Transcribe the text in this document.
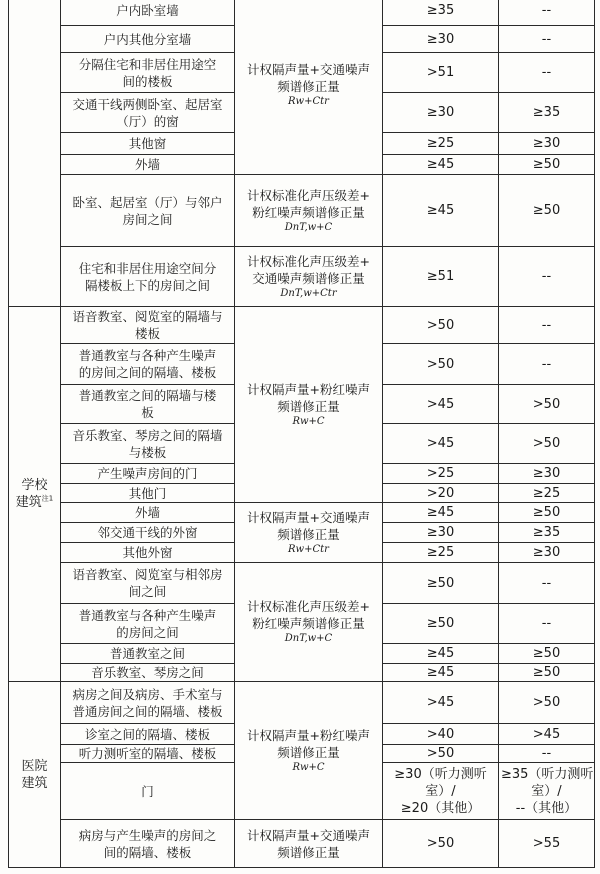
	户内卧室墙	计权隔声量+交通噪声
频谱修正量
Rw+Ctr	≥35	--

	户内其他分室墙		≥30	--

	分隔住宅和非居住用途空
间的楼板		>51	--

	交通干线两侧卧室、起居室
（厅）的窗		≥30	≥35

	其他窗		≥25	≥30

	外墙		≥45	≥50

	卧室、起居室（厅）与邻户
房间之间	计权标准化声压级差+
粉红噪声频谱修正量
DnT,w+C	≥45	≥50

	住宅和非居住用途空间分
隔楼板上下的房间之间	计权标准化声压级差+
交通噪声频谱修正量
DnT,w+Ctr	≥51	--

学校
建筑$^{注1}$	语音教室、阅览室的隔墙与
楼板	计权隔声量+粉红噪声
频谱修正量
Rw+C	>50	--

	普通教室与各种产生噪声
的房间之间的隔墙、楼板		>50	--

	普通教室之间的隔墙与楼
板		>45	>50

	音乐教室、琴房之间的隔墙
与楼板		>45	>50

	产生噪声房间的门		>25	≥30

	其他门		>20	≥25

	外墙	计权隔声量+交通噪声
频谱修正量
Rw+Ctr	≥45	≥50

	邻交通干线的外窗		≥30	≥35

	其他外窗		≥25	≥30

	语音教室、阅览室与相邻房
间之间	计权标准化声压级差+
粉红噪声频谱修正量
DnT,w+C	≥50	--

	普通教室与各种产生噪声
的房间之间		≥50	--

	普通教室之间		≥45	≥50

	音乐教室、琴房之间		≥45	≥50

医院
建筑	病房之间及病房、手术室与
普通房间之间的隔墙、楼板	计权隔声量+粉红噪声
频谱修正量
Rw+C	>45	>50

	诊室之间的隔墙、楼板		>40	>45

	听力测听室的隔墙、楼板		>50	--

	门		≥30（听力测听
室）/
≥20（其他）	≥35（听力测听
室）/
--（其他）

	病房与产生噪声的房间之
间的隔墙、楼板	计权隔声量+交通噪声
频谱修正量	>50	>55
